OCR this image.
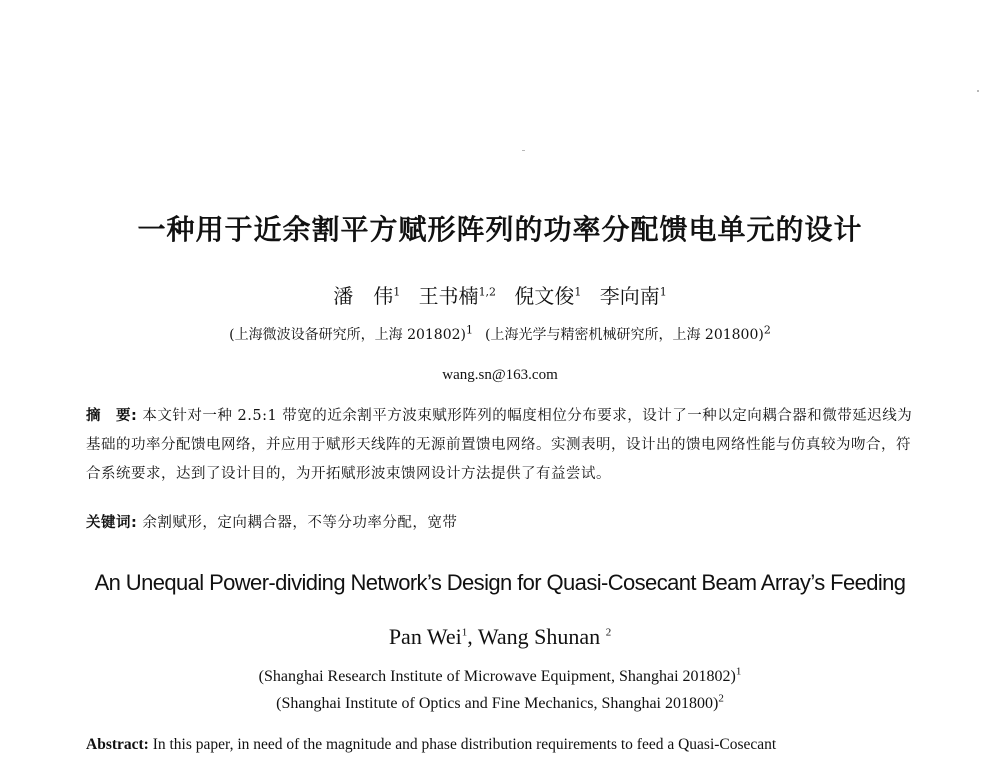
一种用于近余割平方赋形阵列的功率分配馈电单元的设计
潘　伟$^1$ 王书楠$^{1,2}$ 倪文俊$^1$ 李向南$^1$
(上海微波设备研究所，上海 201802)$^1$ (上海光学与精密机械研究所，上海 201800)$^2$
wang.sn@163.com
摘　要: 本文针对一种 2.5:1 带宽的近余割平方波束赋形阵列的幅度相位分布要求，设计了一种以定向耦合器和微带延迟线为基础的功率分配馈电网络，并应用于赋形天线阵的无源前置馈电网络。实测表明，设计出的馈电网络性能与仿真较为吻合，符合系统要求，达到了设计目的，为开拓赋形波束馈网设计方法提供了有益尝试。
关键词: 余割赋形，定向耦合器，不等分功率分配，宽带
An Unequal Power-dividing Network’s Design for Quasi-Cosecant Beam Array’s Feeding
Pan Wei$^1$, Wang Shunan $^2$
(Shanghai Research Institute of Microwave Equipment, Shanghai 201802)$^1$
(Shanghai Institute of Optics and Fine Mechanics, Shanghai 201800)$^2$
Abstract: In this paper, in need of the magnitude and phase distribution requirements to feed a Quasi-Cosecant
